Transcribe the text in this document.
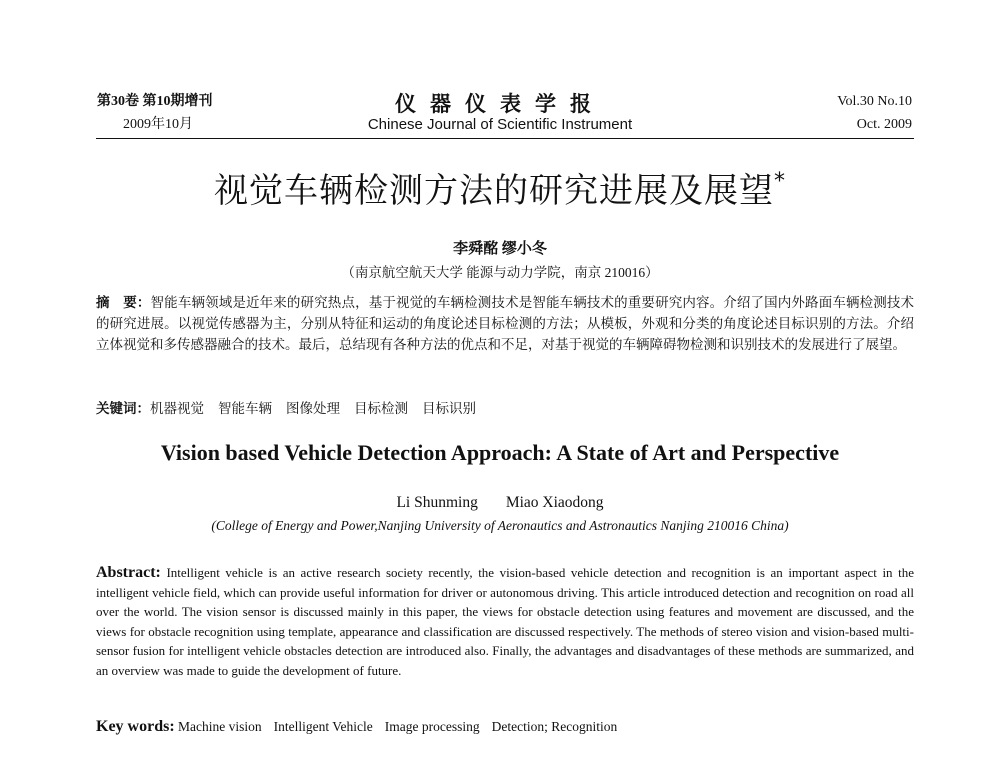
第30卷 第10期增刊
2009年10月
仪器仪表学报
Chinese Journal of Scientific Instrument
Vol.30 No.10
Oct. 2009
视觉车辆检测方法的研究进展及展望*
李舜酩 缪小冬
（南京航空航天大学 能源与动力学院，南京 210016）
摘　要：智能车辆领域是近年来的研究热点，基于视觉的车辆检测技术是智能车辆技术的重要研究内容。介绍了国内外路面车辆检测技术的研究进展。以视觉传感器为主，分别从特征和运动的角度论述目标检测的方法；从模板，外观和分类的角度论述目标识别的方法。介绍立体视觉和多传感器融合的技术。最后，总结现有各种方法的优点和不足，对基于视觉的车辆障碍物检测和识别技术的发展进行了展望。
关键词：机器视觉 智能车辆 图像处理 目标检测 目标识别
Vision based Vehicle Detection Approach: A State of Art and Perspective
Li Shunming Miao Xiaodong
(College of Energy and Power,Nanjing University of Aeronautics and Astronautics Nanjing 210016 China)
Abstract: Intelligent vehicle is an active research society recently, the vision-based vehicle detection and recognition is an important aspect in the intelligent vehicle field, which can provide useful information for driver or autonomous driving. This article introduced detection and recognition on road all over the world. The vision sensor is discussed mainly in this paper, the views for obstacle detection using features and movement are discussed, and the views for obstacle recognition using template, appearance and classification are discussed respectively. The methods of stereo vision and vision-based multi-sensor fusion for intelligent vehicle obstacles detection are introduced also. Finally, the advantages and disadvantages of these methods are summarized, and an overview was made to guide the development of future.
Key words: Machine vision Intelligent Vehicle Image processing Detection; Recognition
